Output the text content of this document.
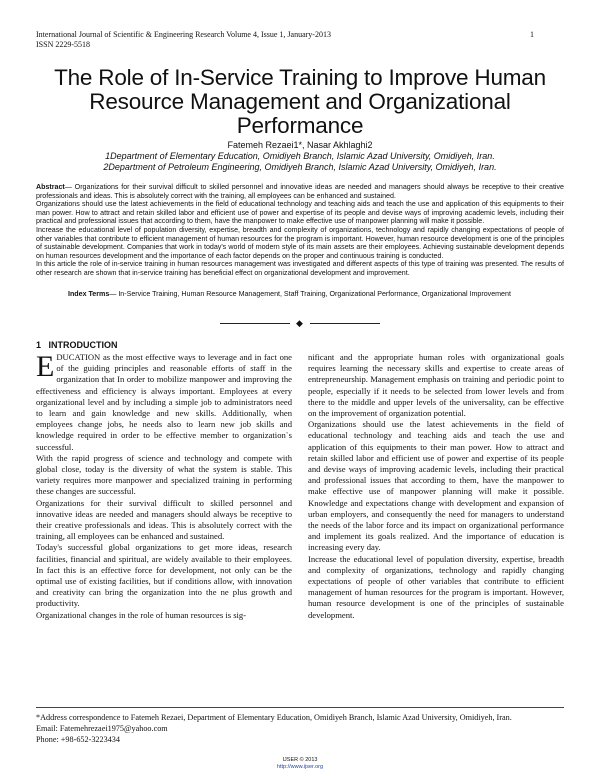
International Journal of Scientific & Engineering Research Volume 4, Issue 1, January-2013
ISSN 2229-5518
1
The Role of In-Service Training to Improve Human Resource Management and Organizational Performance
Fatemeh Rezaei1*, Nasar Akhlaghi2
1Department of Elementary Education, Omidiyeh Branch, Islamic Azad University, Omidiyeh, Iran.
2Department of Petroleum Engineering, Omidiyeh Branch, Islamic Azad University, Omidiyeh, Iran.

Abstract— Organizations for their survival difficult to skilled personnel and innovative ideas are needed and managers should always be receptive to their creative professionals and ideas. This is absolutely correct with the training, all employees can be enhanced and sustained.

Organizations should use the latest achievements in the field of educational technology and teaching aids and teach the use and application of this equipments to their man power. How to attract and retain skilled labor and efficient use of power and expertise of its people and devise ways of improving academic levels, including their practical and professional issues that according to them, have the manpower to make effective use of manpower planning will make it possible.

Increase the educational level of population diversity, expertise, breadth and complexity of organizations, technology and rapidly changing expectations of people of other variables that contribute to efficient management of human resources for the program is important. However, human resource development is one of the principles of sustainable development. Companies that work in today's world of modern style of its main assets are their employees. Achieving sustainable development depends on human resources development and the importance of each factor depends on the proper and continuous training is conducted.

In this article the role of in-service training in human resources management was investigated and different aspects of this type of training was presented. The results of other research are shown that in-service training has beneficial effect on organizational development and improvement.

Index Terms— In-Service Training, Human Resource Management, Staff Training, Organizational Performance, Organizational Improvement
◆
1 INTRODUCTION

EDUCATION as the most effective ways to leverage and in fact one of the guiding principles and reasonable efforts of staff in the organization that In order to mobilize manpower and improving the effectiveness and efficiency is always important. Employees at every organizational level and by including a simple job to administrators need to learn and gain knowledge and new skills. Additionally, when employees change jobs, he needs also to learn new job skills and knowledge required in order to be effective member to organization`s successful.

With the rapid progress of science and technology and compete with global close, today is the diversity of what the system is stable. This variety requires more manpower and specialized training in performing these changes are successful.

Organizations for their survival difficult to skilled personnel and innovative ideas are needed and managers should always be receptive to their creative professionals and ideas. This is absolutely correct with the training, all employees can be enhanced and sustained.

Today's successful global organizations to get more ideas, research facilities, financial and spiritual, are widely available to their employees. In fact this is an effective force for development, not only can be the optimal use of existing facilities, but if conditions allow, with innovation and creativity can bring the organization into the ne plus growth and productivity.

Organizational changes in the role of human resources is sig-

nificant and the appropriate human roles with organizational goals requires learning the necessary skills and expertise to create areas of entrepreneurship. Management emphasis on training and periodic point to people, especially if it needs to be selected from lower levels and from there to the middle and upper levels of the universality, can be effective on the improvement of organization potential.

Organizations should use the latest achievements in the field of educational technology and teaching aids and teach the use and application of this equipments to their man power. How to attract and retain skilled labor and efficient use of power and expertise of its people and devise ways of improving academic levels, including their practical and professional issues that according to them, have the manpower to make effective use of manpower planning will make it possible. Knowledge and expectations change with development and expansion of urban employers, and consequently the need for managers to understand the needs of the labor force and its impact on organizational performance and implement its goals realized. And the importance of education is increasing every day.

Increase the educational level of population diversity, expertise, breadth and complexity of organizations, technology and rapidly changing expectations of people of other variables that contribute to efficient management of human resources for the program is important. However, human resource development is one of the principles of sustainable development.

*Address correspondence to Fatemeh Rezaei, Department of Elementary Education, Omidiyeh Branch, Islamic Azad University, Omidiyeh, Iran.

Email: Fatemehrezaei1975@yahoo.com

Phone: +98-652-3223434

IJSER © 2013
http://www.ijser.org
